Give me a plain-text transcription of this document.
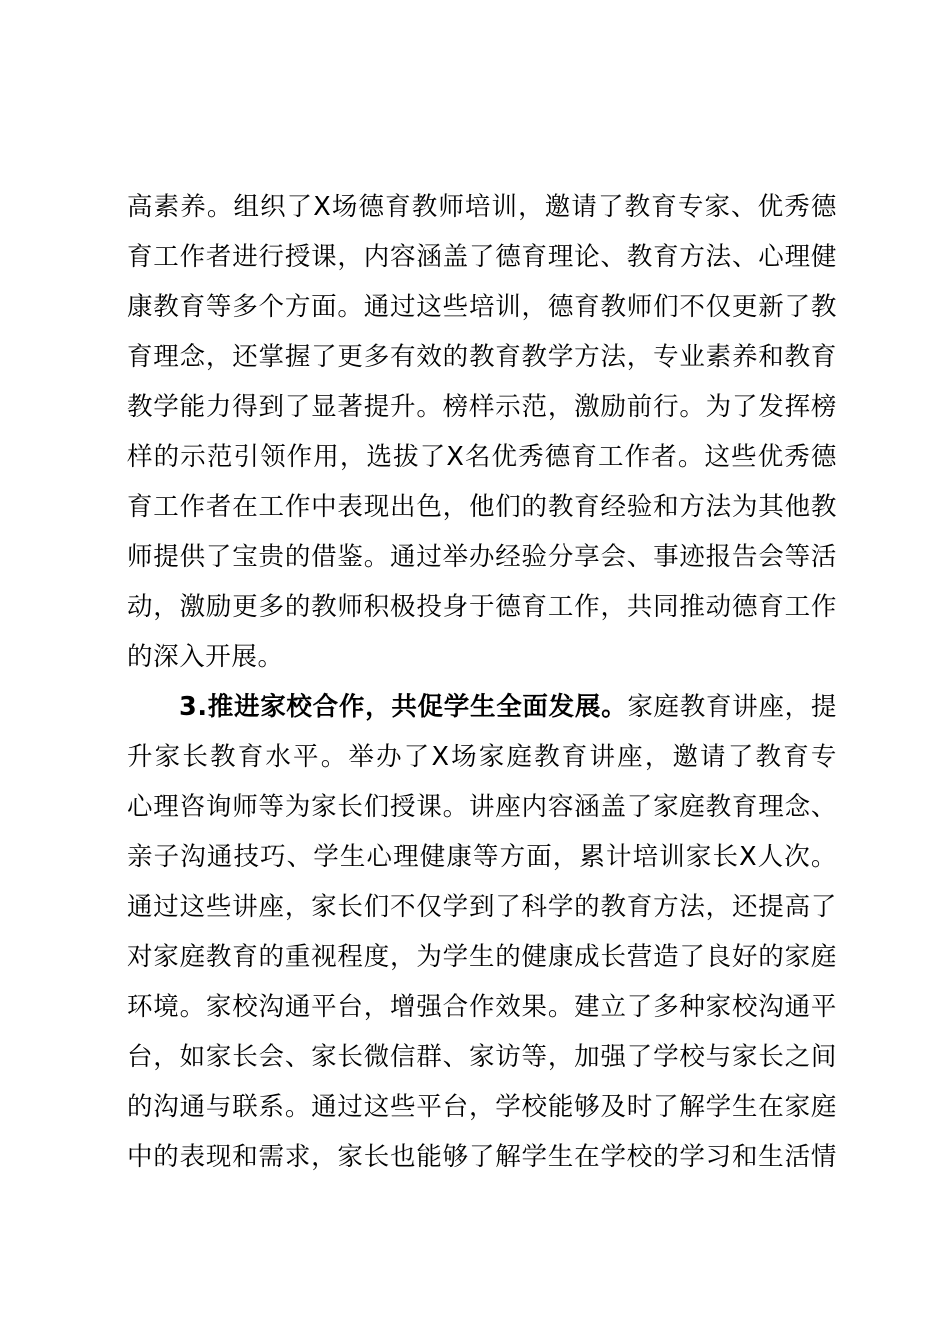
高素养。组织了X场德育教师培训，邀请了教育专家、优秀德
育工作者进行授课，内容涵盖了德育理论、教育方法、心理健
康教育等多个方面。通过这些培训，德育教师们不仅更新了教
育理念，还掌握了更多有效的教育教学方法，专业素养和教育
教学能力得到了显著提升。榜样示范，激励前行。为了发挥榜
样的示范引领作用，选拔了X名优秀德育工作者。这些优秀德
育工作者在工作中表现出色，他们的教育经验和方法为其他教
师提供了宝贵的借鉴。通过举办经验分享会、事迹报告会等活
动，激励更多的教师积极投身于德育工作，共同推动德育工作
的深入开展。
3.推进家校合作，共促学生全面发展。家庭教育讲座，提
升家长教育水平。举办了X场家庭教育讲座，邀请了教育专
心理咨询师等为家长们授课。讲座内容涵盖了家庭教育理念、
亲子沟通技巧、学生心理健康等方面，累计培训家长X人次。
通过这些讲座，家长们不仅学到了科学的教育方法，还提高了
对家庭教育的重视程度，为学生的健康成长营造了良好的家庭
环境。家校沟通平台，增强合作效果。建立了多种家校沟通平
台，如家长会、家长微信群、家访等，加强了学校与家长之间
的沟通与联系。通过这些平台，学校能够及时了解学生在家庭
中的表现和需求，家长也能够了解学生在学校的学习和生活情
